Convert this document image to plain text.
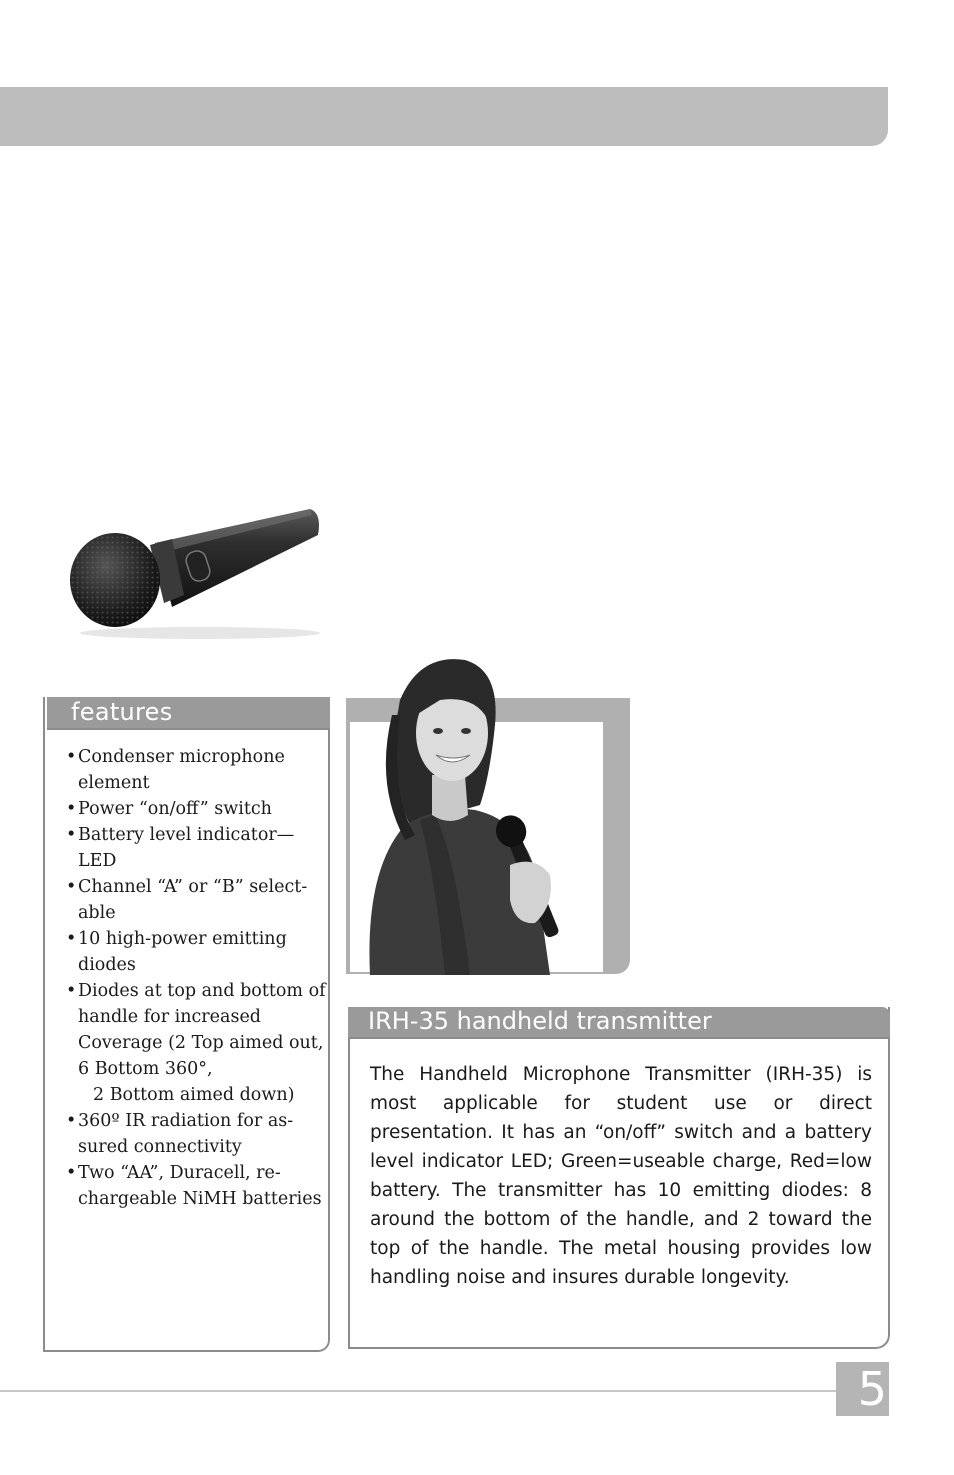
features
• Condenser microphone element
• Power “on/off” switch
• Battery level indicator—LED
• Channel “A” or “B” select-able
• 10 high-power emitting diodes
• Diodes at top and bottom of handle for increased Coverage (2 Top aimed out, 6 Bottom 360°,
2 Bottom aimed down)
• 360º IR radiation for as-sured connectivity
• Two “AA”, Duracell, re-chargeable NiMH batteries
IRH-35 handheld transmitter

The Handheld Microphone Transmitter (IRH-35) is most applicable for student use or direct presentation. It has an “on/off” switch and a battery level indicator LED; Green=useable charge, Red=low battery. The transmitter has 10 emitting diodes: 8 around the bottom of the handle, and 2 toward the top of the handle. The metal housing provides low handling noise and insures durable longevity.

5
